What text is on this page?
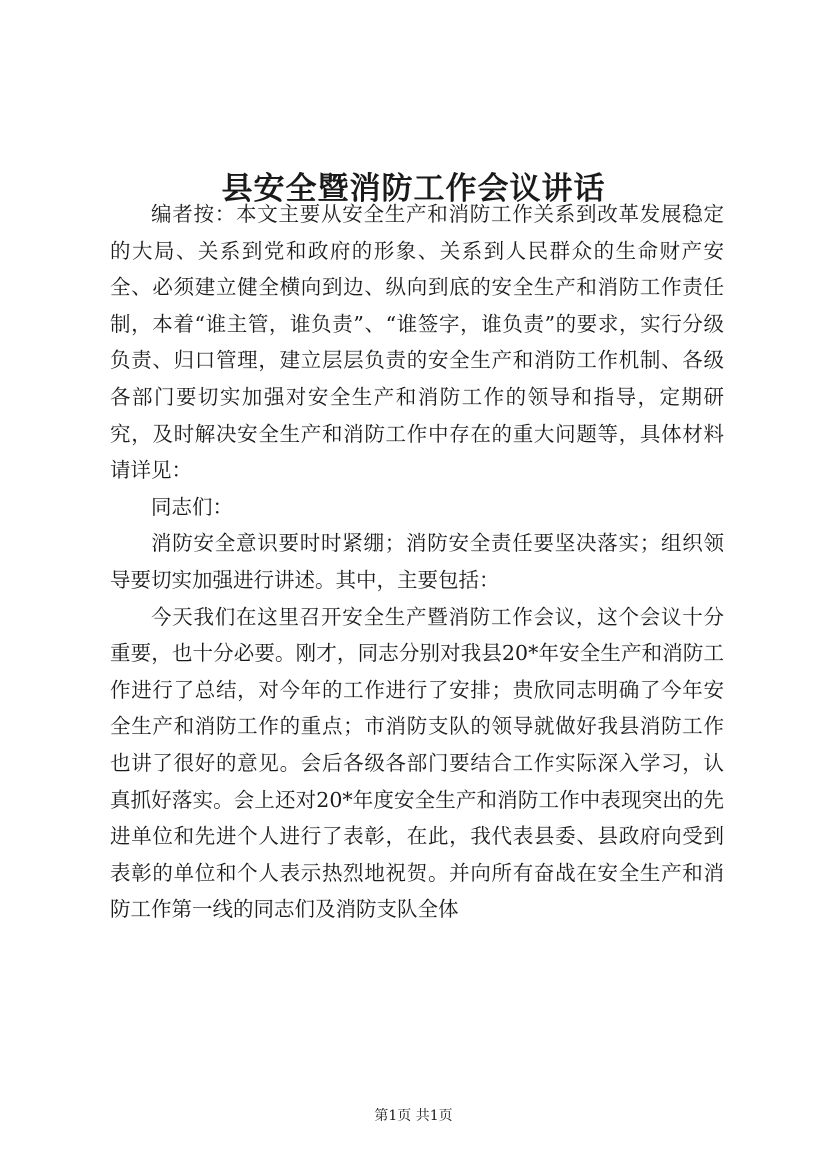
县安全暨消防工作会议讲话

编者按：本文主要从安全生产和消防工作关系到改革发展稳定的大局、关系到党和政府的形象、关系到人民群众的生命财产安全、必须建立健全横向到边、纵向到底的安全生产和消防工作责任制，本着“谁主管，谁负责”、“谁签字，谁负责”的要求，实行分级负责、归口管理，建立层层负责的安全生产和消防工作机制、各级各部门要切实加强对安全生产和消防工作的领导和指导，定期研究，及时解决安全生产和消防工作中存在的重大问题等，具体材料请详见：

同志们：

消防安全意识要时时紧绷；消防安全责任要坚决落实；组织领导要切实加强进行讲述。其中，主要包括：

今天我们在这里召开安全生产暨消防工作会议，这个会议十分重要，也十分必要。刚才，同志分别对我县20*年安全生产和消防工作进行了总结，对今年的工作进行了安排；贵欣同志明确了今年安全生产和消防工作的重点；市消防支队的领导就做好我县消防工作也讲了很好的意见。会后各级各部门要结合工作实际深入学习，认真抓好落实。会上还对20*年度安全生产和消防工作中表现突出的先进单位和先进个人进行了表彰，在此，我代表县委、县政府向受到表彰的单位和个人表示热烈地祝贺。并向所有奋战在安全生产和消防工作第一线的同志们及消防支队全体

第1页 共1页
